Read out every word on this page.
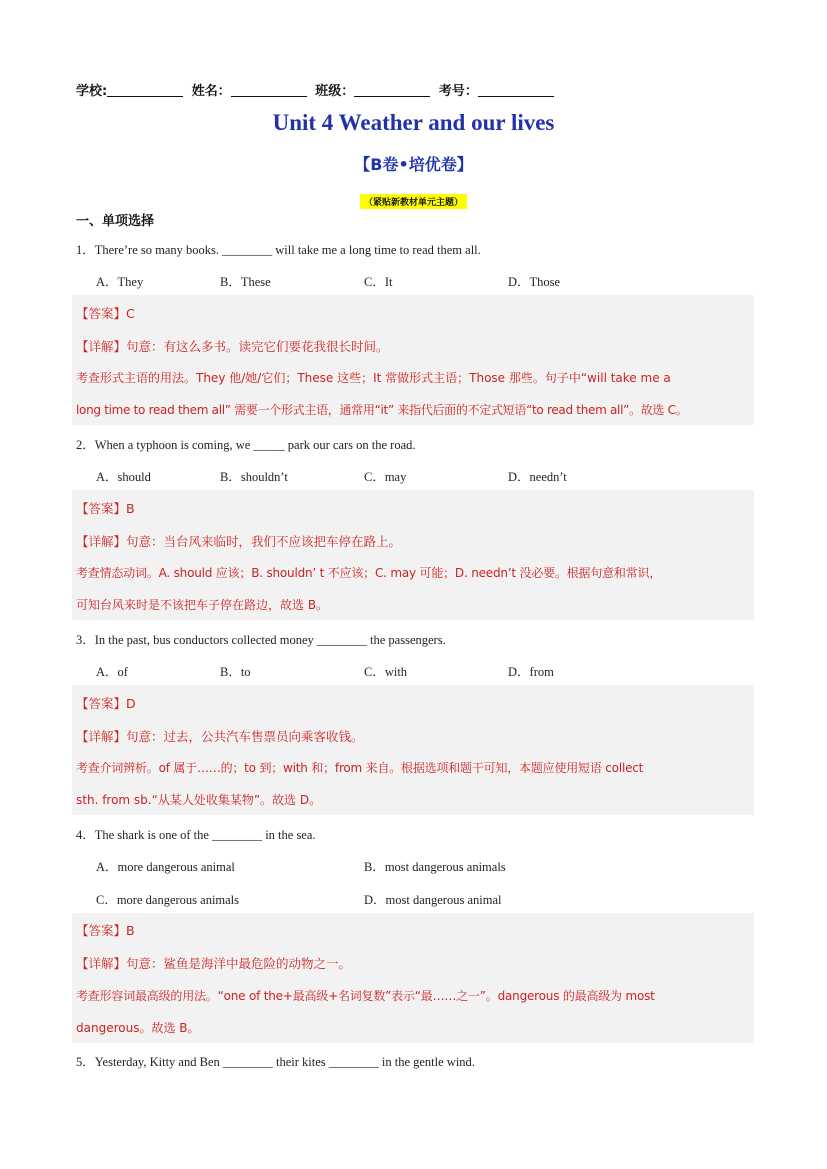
学校:	姓名：	班级：	考号：
Unit 4 Weather and our lives
【B卷•培优卷】
（紧贴新教材单元主题）
一、单项选择
1．There’re so many books. ________ will take me a long time to read them all.
A．They	B．These	C．It	D．Those
【答案】C
【详解】句意：有这么多书。读完它们要花我很长时间。
考查形式主语的用法。They 他/她/它们；These 这些；It 常做形式主语；Those 那些。句子中“will take me a
long time to read them all” 需要一个形式主语，通常用“it” 来指代后面的不定式短语“to read them all”。故选 C。
2．When a typhoon is coming, we _____ park our cars on the road.
A．should	B．shouldn’t	C．may	D．needn’t
【答案】B
【详解】句意：当台风来临时，我们不应该把车停在路上。
考查情态动词。A. should 应该；B. shouldn’ t 不应该；C. may 可能；D. needn’t 没必要。根据句意和常识，
可知台风来时是不该把车子停在路边，故选 B。
3．In the past, bus conductors collected money ________ the passengers.
A．of	B．to	C．with	D．from
【答案】D
【详解】句意：过去，公共汽车售票员向乘客收钱。
考查介词辨析。of 属于……的；to 到；with 和；from 来自。根据选项和题干可知，本题应使用短语 collect
sth. from sb.“从某人处收集某物”。故选 D。
4．The shark is one of the ________ in the sea.
A．more dangerous animal	B．most dangerous animals
C．more dangerous animals	D．most dangerous animal
【答案】B
【详解】句意：鲨鱼是海洋中最危险的动物之一。
考查形容词最高级的用法。“one of the+最高级+名词复数”表示“最……之一”。dangerous 的最高级为 most
dangerous。故选 B。
5．Yesterday, Kitty and Ben ________ their kites ________ in the gentle wind.
